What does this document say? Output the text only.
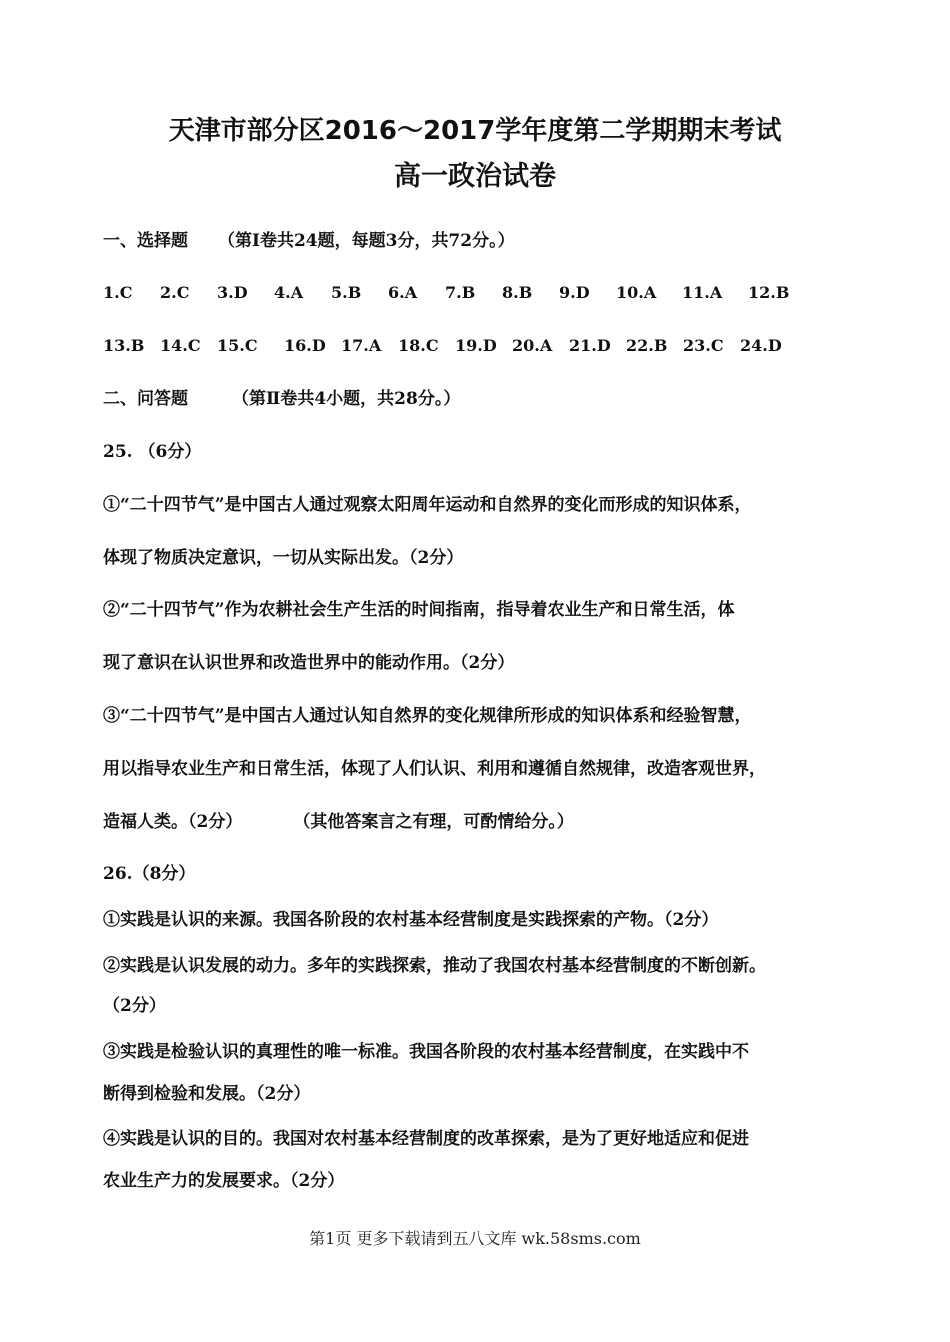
天津市部分区2016～2017学年度第二学期期末考试
高一政治试卷
一、选择题 （第Ⅰ卷共24题，每题3分，共72分。）
1.C 2.C 3.D 4.A 5.B 6.A 7.B 8.B 9.D 10.A 11.A 12.B
13.B 14.C 15.C 16.D 17.A 18.C 19.D 20.A 21.D 22.B 23.C 24.D
二、问答题	（第Ⅱ卷共4小题，共28分。）
25. （6分）
①“二十四节气”是中国古人通过观察太阳周年运动和自然界的变化而形成的知识体系，
体现了物质决定意识，一切从实际出发。（2分）
②“二十四节气”作为农耕社会生产生活的时间指南，指导着农业生产和日常生活，体
现了意识在认识世界和改造世界中的能动作用。（2分）
③“二十四节气”是中国古人通过认知自然界的变化规律所形成的知识体系和经验智慧，
用以指导农业生产和日常生活，体现了人们认识、利用和遵循自然规律，改造客观世界，
造福人类。（2分）　　　　（其他答案言之有理，可酌情给分。）
26.（8分）
①实践是认识的来源。我国各阶段的农村基本经营制度是实践探索的产物。（2分）
②实践是认识发展的动力。多年的实践探索，推动了我国农村基本经营制度的不断创新。
（2分）
③实践是检验认识的真理性的唯一标准。我国各阶段的农村基本经营制度，在实践中不
断得到检验和发展。（2分）
④实践是认识的目的。我国对农村基本经营制度的改革探索，是为了更好地适应和促进
农业生产力的发展要求。（2分）
第1页 更多下载请到五八文库 wk.58sms.com
